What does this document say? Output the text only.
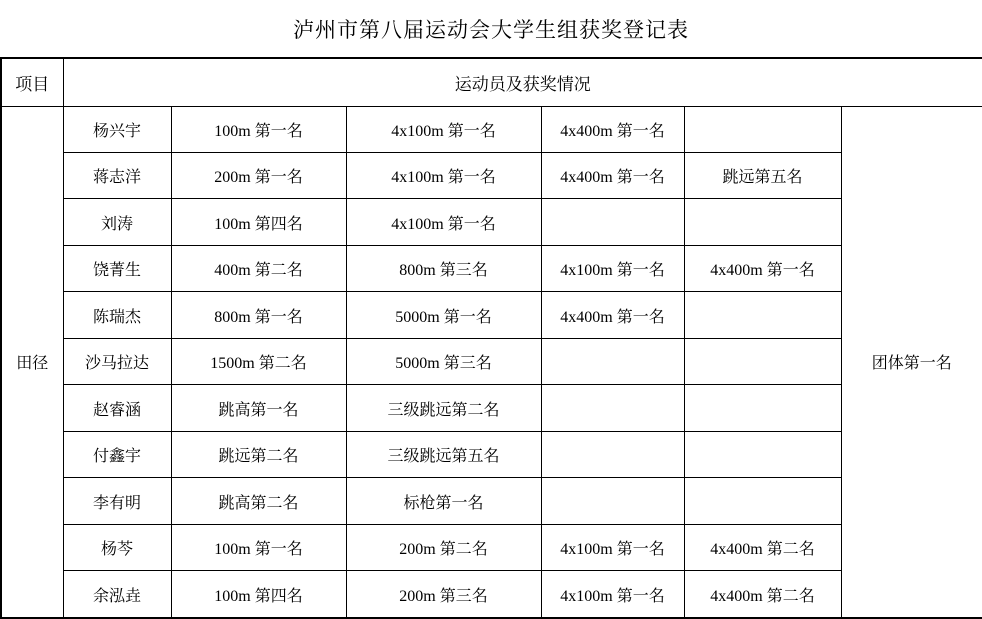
泸州市第八届运动会大学生组获奖登记表
项目	运动员及获奖情况					
田径	杨兴宇	100m 第一名	4x100m 第一名	4x400m 第一名		团体第一名
	蒋志洋	200m 第一名	4x100m 第一名	4x400m 第一名	跳远第五名	
	刘涛	100m 第四名	4x100m 第一名			
	饶菁生	400m 第二名	800m 第三名	4x100m 第一名	4x400m 第一名	
	陈瑞杰	800m 第一名	5000m 第一名	4x400m 第一名		
	沙马拉达	1500m 第二名	5000m 第三名			
	赵睿涵	跳高第一名	三级跳远第二名			
	付鑫宇	跳远第二名	三级跳远第五名			
	李有明	跳高第二名	标枪第一名			
	杨芩	100m 第一名	200m 第二名	4x100m 第一名	4x400m 第二名	
	余泓垚	100m 第四名	200m 第三名	4x100m 第一名	4x400m 第二名	
